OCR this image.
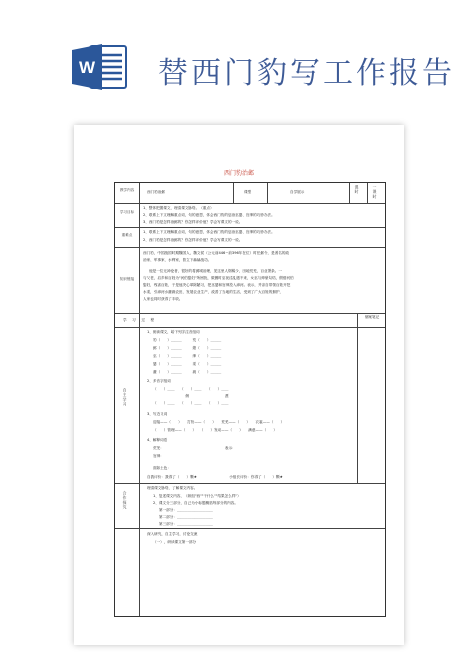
W 替西门豹写工作报告
西门豹治邺
教学内容	西门豹治邺	课型	自学展示	课时	一课时
学习目标
1、整体把握课文，理清课文脉络。（重点）
2、联系上下文理解重点词，句的意思，体会西门豹的惩治巫婆、官绅的巧妙办法。
3、西门豹是怎样治邺的？你怎样评价他？学会写课文的一说。
重难点
1、联系上下文理解重点词，句的意思，体会西门豹的惩治巫婆、官绅的巧妙办法。
2、西门豹是怎样治邺的？你怎样评价他？学会写课文的一说。
知识链接
西门豹，中国战国时期魏国人，魏文侯（公元前446~前396年在位）时任邺令，是著名的政
治家、军事家、水利家，曾立下赫赫战功。
他是一位无神论者，很好的将邺城治理，见这里人烟稀少，田地荒芜，百业萧条。一
与父老，启乡和百姓为"河伯娶妇"所困扰，做圈时巫祝淫乱遇不来，女巫与绅豪勾结，假借河伯
娶妇，残害百姓，于是他决心革除陋习，把巫婆和官绅投入漳河。表示，并亲自带领百姓开挖
水渠，引漳河水灌溉农田，发展农业生产，改善了当地的生活，受到了广大百姓的拥护，
人家也同时获得了丰收。
学　习　过　程
個案笔记
自主学习
1、朗读课文，给下列字注音组词
豹（　　）＿＿＿　　　荒（　　）＿＿＿
邺（　　）＿＿＿　　　媳（　　）＿＿＿
巫（　　）＿＿＿　　　绅（　　）＿＿＿
婆（　　）＿＿＿　　　渠（　　）＿＿＿
灌（　　）＿＿＿　　　溉（　　）＿＿＿
2、多音字组词
（　　）＿＿　　（　　）＿＿　　（　　）＿＿
　　　　　　　　　侧　　　　　　　　　　漂
（　　）＿＿　　（　　）＿＿　　（　　）＿＿
3、写近义词
迎接——（　　）　　打扮——（　　）　　荒芜——（　　）　　衣裳——（　　）
（　　）管理——（　　）　　（　　）发动——（　　）　　满意——（　　）
4、解释词语
荒芜：　　　　　　　　　　　　　　　　　表示：
官绅：
面如土色：
自我评价：我得了（　　）颗★　　　　　　　　　小组长评价：你得了（　　）颗★
合作探究
理清课文脉络，了解课文内容。
1、复述课文内容，（纵组"西""干什么""结果怎么样"）
2、课文分三部分，自己为小标题概括每部分的内容。
第一部分：＿＿＿＿＿＿＿＿＿＿
第二部分：＿＿＿＿＿＿＿＿＿＿
第三部分：＿＿＿＿＿＿＿＿＿＿
深入研究，自主学习，讨论交流
（一），研读课文第一部分
